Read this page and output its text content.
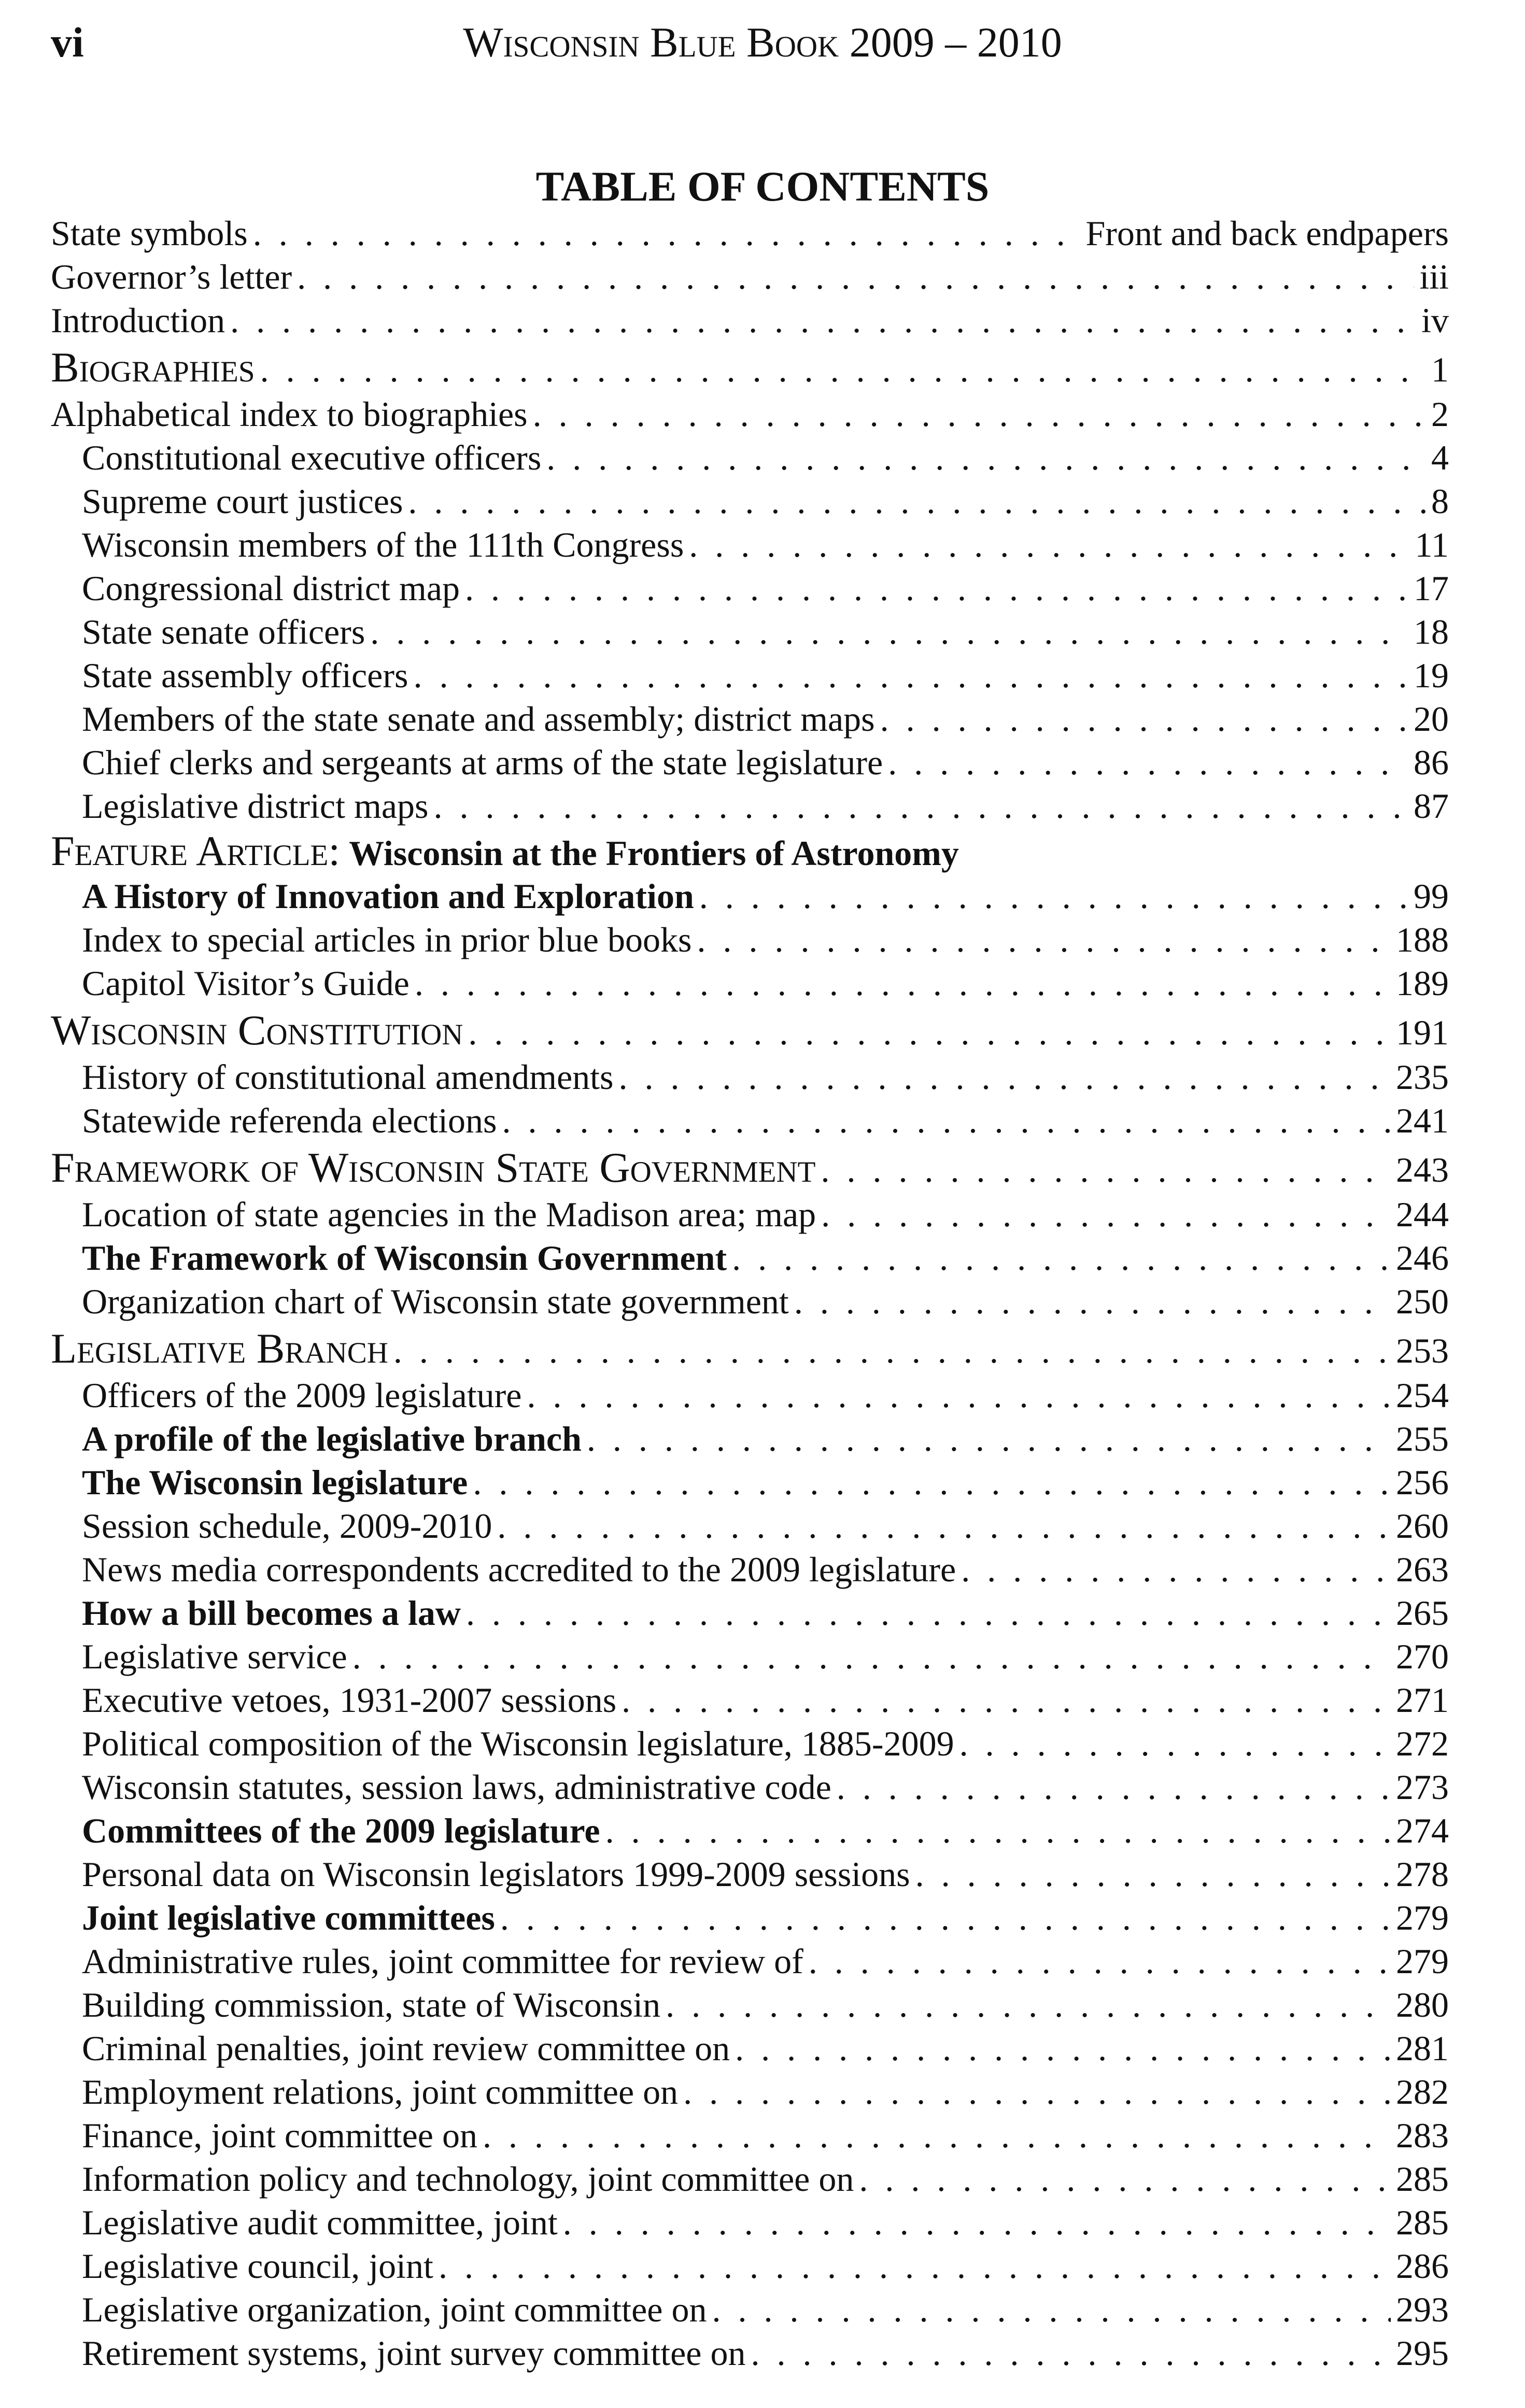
vi	Wisconsin Blue Book 2009 – 2010
TABLE OF CONTENTS
State symbols . . .	Front and back endpapers
Governor’s letter . . .	iii
Introduction . . .	iv
Biographies . . .	1
Alphabetical index to biographies . . .	2
Constitutional executive officers . . .	4
Supreme court justices . . .	8
Wisconsin members of the 111th Congress . . .	11
Congressional district map . . .	17
State senate officers . . .	18
State assembly officers . . .	19
Members of the state senate and assembly; district maps . . .	20
Chief clerks and sergeants at arms of the state legislature . . .	86
Legislative district maps . . .	87
Feature Article: Wisconsin at the Frontiers of Astronomy
A History of Innovation and Exploration . . .	99
Index to special articles in prior blue books . . .	188
Capitol Visitor’s Guide . . .	189
Wisconsin Constitution . . .	191
History of constitutional amendments . . .	235
Statewide referenda elections . . .	241
Framework of Wisconsin State Government . . .	243
Location of state agencies in the Madison area; map . . .	244
The Framework of Wisconsin Government . . .	246
Organization chart of Wisconsin state government . . .	250
Legislative Branch . . .	253
Officers of the 2009 legislature . . .	254
A profile of the legislative branch . . .	255
The Wisconsin legislature . . .	256
Session schedule, 2009-2010 . . .	260
News media correspondents accredited to the 2009 legislature . . .	263
How a bill becomes a law . . .	265
Legislative service . . .	270
Executive vetoes, 1931-2007 sessions . . .	271
Political composition of the Wisconsin legislature, 1885-2009 . . .	272
Wisconsin statutes, session laws, administrative code . . .	273
Committees of the 2009 legislature . . .	274
Personal data on Wisconsin legislators 1999-2009 sessions . . .	278
Joint legislative committees . . .	279
Administrative rules, joint committee for review of . . .	279
Building commission, state of Wisconsin . . .	280
Criminal penalties, joint review committee on . . .	281
Employment relations, joint committee on . . .	282
Finance, joint committee on . . .	283
Information policy and technology, joint committee on . . .	285
Legislative audit committee, joint . . .	285
Legislative council, joint . . .	286
Legislative organization, joint committee on . . .	293
Retirement systems, joint survey committee on . . .	295
